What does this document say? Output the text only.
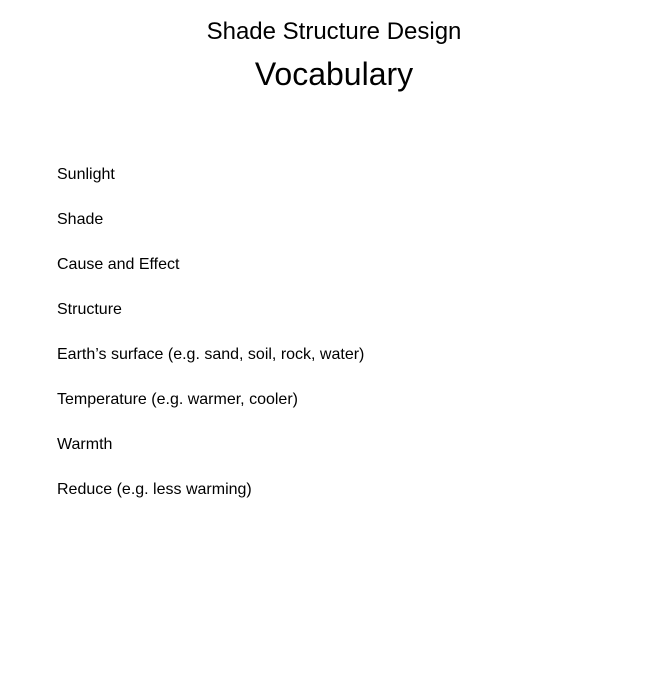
Shade Structure Design
Vocabulary
Sunlight
Shade
Cause and Effect
Structure
Earth’s surface (e.g. sand, soil, rock, water)
Temperature (e.g. warmer, cooler)
Warmth
Reduce (e.g. less warming)
